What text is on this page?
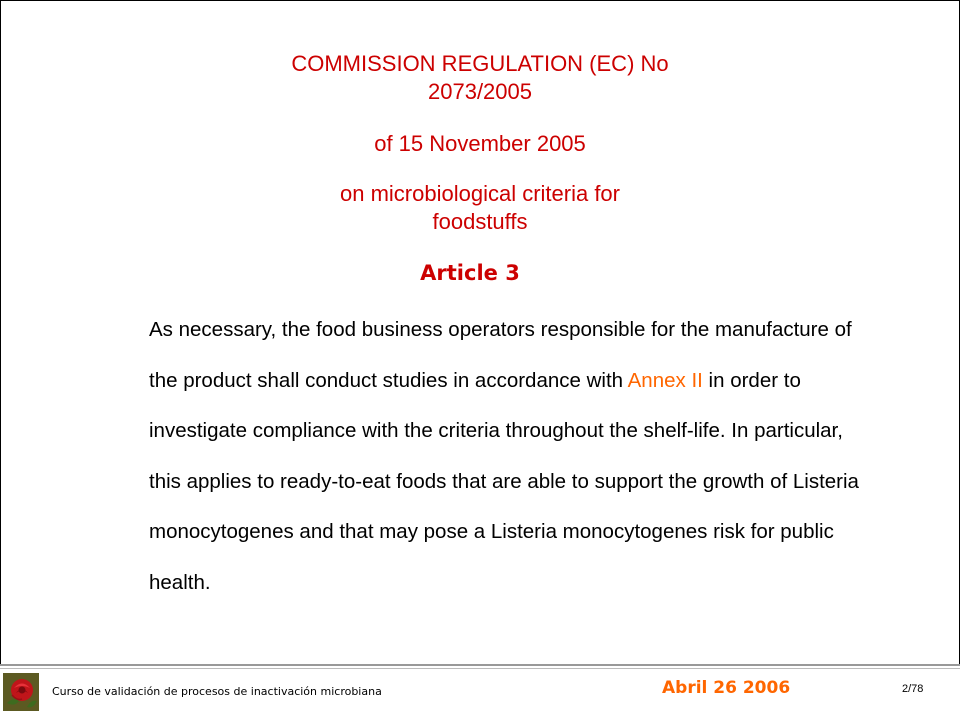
COMMISSION REGULATION (EC) No
2073/2005
of 15 November 2005
on microbiological criteria for
foodstuffs
Article 3
As necessary, the food business operators responsible for the manufacture of the product shall conduct studies in accordance with Annex II in order to investigate compliance with the criteria throughout the shelf-life. In particular, this applies to ready-to-eat foods that are able to support the growth of Listeria monocytogenes and that may pose a Listeria monocytogenes risk for public health.
Curso de validación de procesos de inactivación microbiana	Abril 26 2006	2/78
